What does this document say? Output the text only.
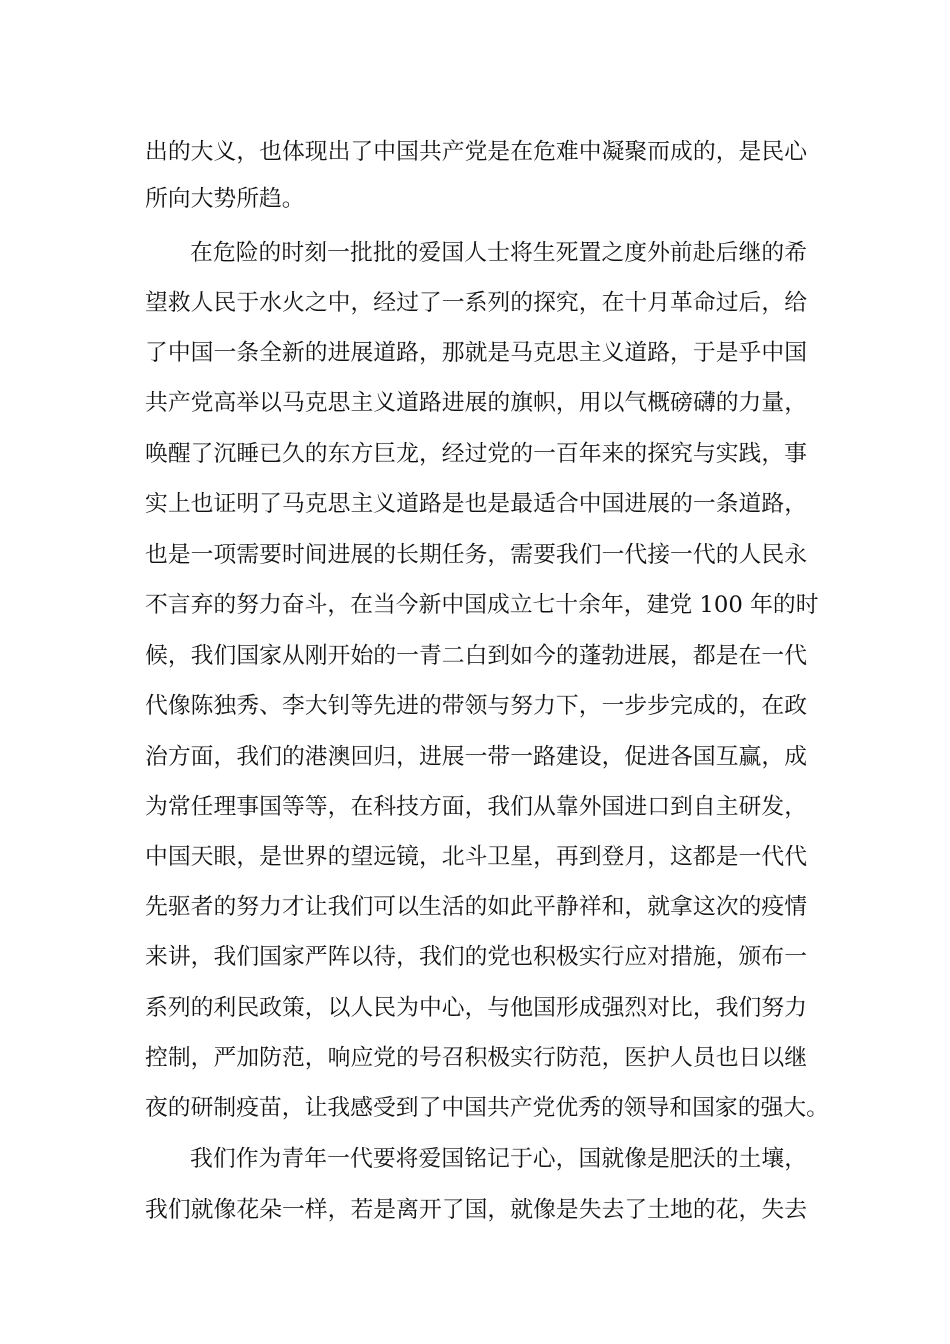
出的大义，也体现出了中国共产党是在危难中凝聚而成的，是民心
所向大势所趋。
在危险的时刻一批批的爱国人士将生死置之度外前赴后继的希
望救人民于水火之中，经过了一系列的探究，在十月革命过后，给
了中国一条全新的进展道路，那就是马克思主义道路，于是乎中国
共产党高举以马克思主义道路进展的旗帜，用以气概磅礴的力量，
唤醒了沉睡已久的东方巨龙，经过党的一百年来的探究与实践，事
实上也证明了马克思主义道路是也是最适合中国进展的一条道路，
也是一项需要时间进展的长期任务，需要我们一代接一代的人民永
不言弃的努力奋斗，在当今新中国成立七十余年，建党 100 年的时
候，我们国家从刚开始的一青二白到如今的蓬勃进展，都是在一代
代像陈独秀、李大钊等先进的带领与努力下，一步步完成的，在政
治方面，我们的港澳回归，进展一带一路建设，促进各国互赢，成
为常任理事国等等，在科技方面，我们从靠外国进口到自主研发，
中国天眼，是世界的望远镜，北斗卫星，再到登月，这都是一代代
先驱者的努力才让我们可以生活的如此平静祥和，就拿这次的疫情
来讲，我们国家严阵以待，我们的党也积极实行应对措施，颁布一
系列的利民政策，以人民为中心，与他国形成强烈对比，我们努力
控制，严加防范，响应党的号召积极实行防范，医护人员也日以继
夜的研制疫苗，让我感受到了中国共产党优秀的领导和国家的强大。
我们作为青年一代要将爱国铭记于心，国就像是肥沃的土壤，
我们就像花朵一样，若是离开了国，就像是失去了土地的花，失去
